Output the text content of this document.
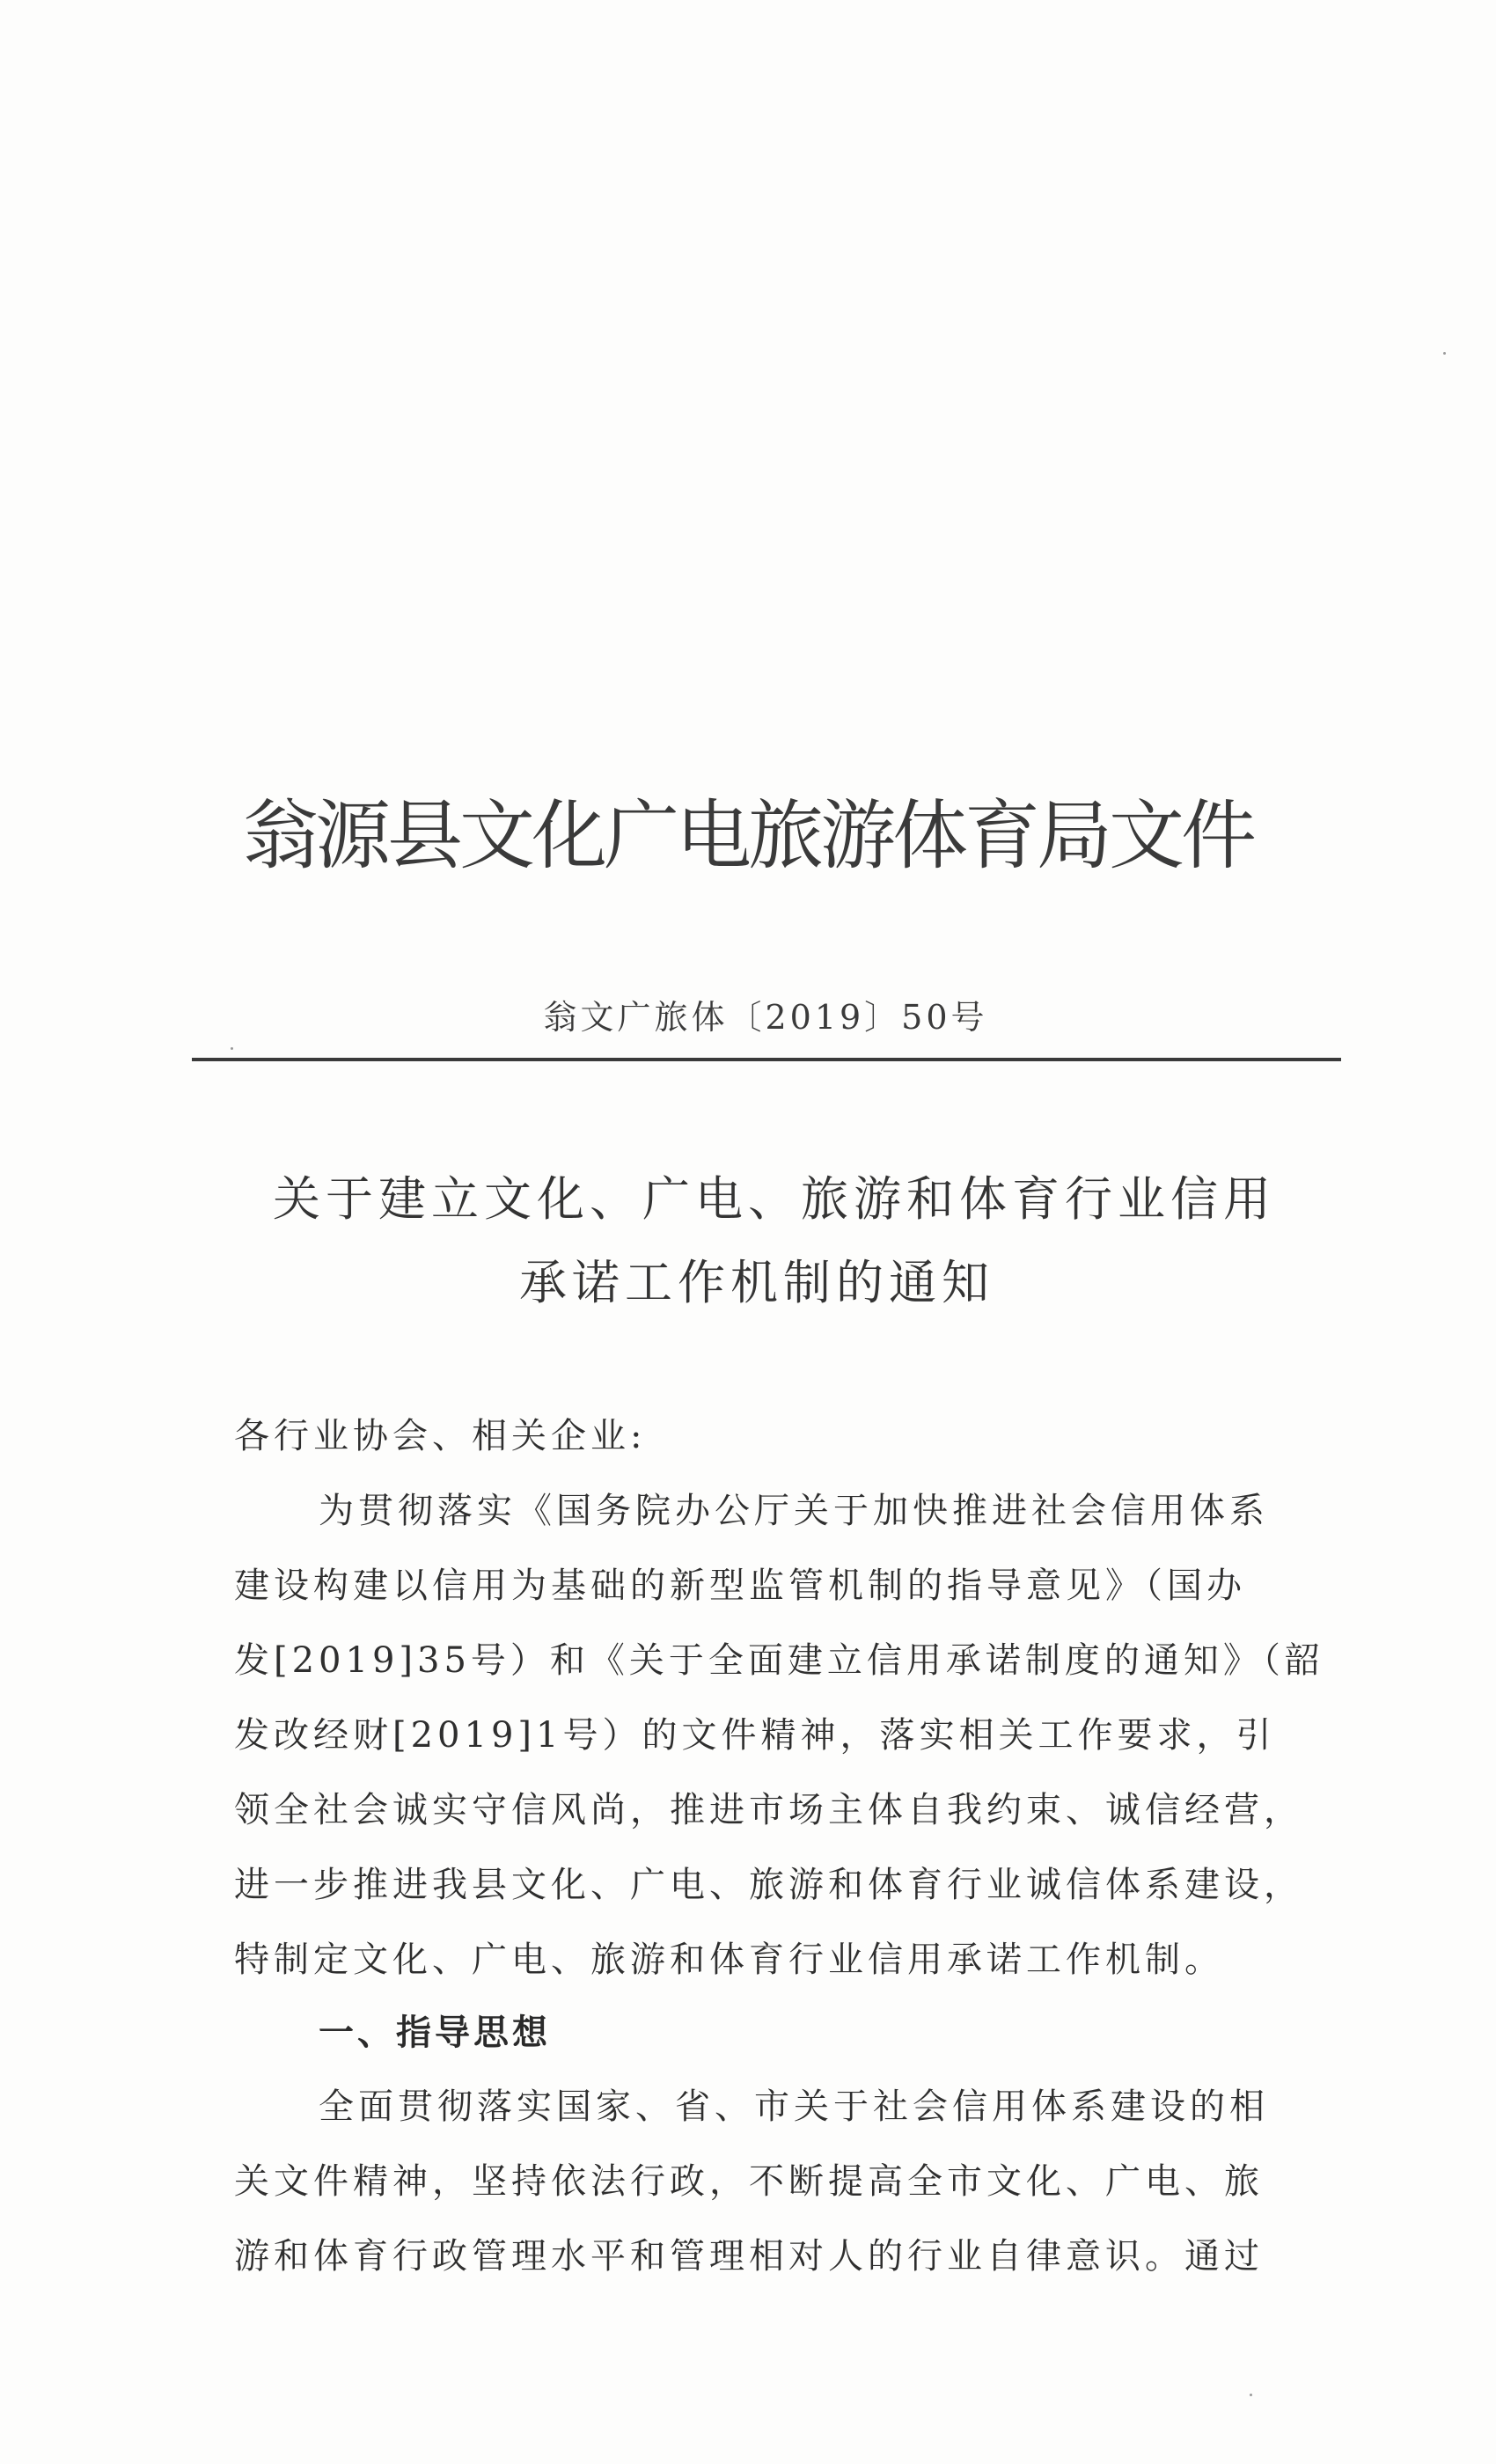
翁源县文化广电旅游体育局文件
翁文广旅体〔2019〕50号
关于建立文化、广电、旅游和体育行业信用
承诺工作机制的通知
各行业协会、相关企业:
为贯彻落实《国务院办公厅关于加快推进社会信用体系
建设构建以信用为基础的新型监管机制的指导意见》（国办
发[2019]35号）和《关于全面建立信用承诺制度的通知》（韶
发改经财[2019]1号）的文件精神，落实相关工作要求，引
领全社会诚实守信风尚，推进市场主体自我约束、诚信经营，
进一步推进我县文化、广电、旅游和体育行业诚信体系建设，
特制定文化、广电、旅游和体育行业信用承诺工作机制。
一、指导思想
全面贯彻落实国家、省、市关于社会信用体系建设的相
关文件精神，坚持依法行政，不断提高全市文化、广电、旅
游和体育行政管理水平和管理相对人的行业自律意识。通过
